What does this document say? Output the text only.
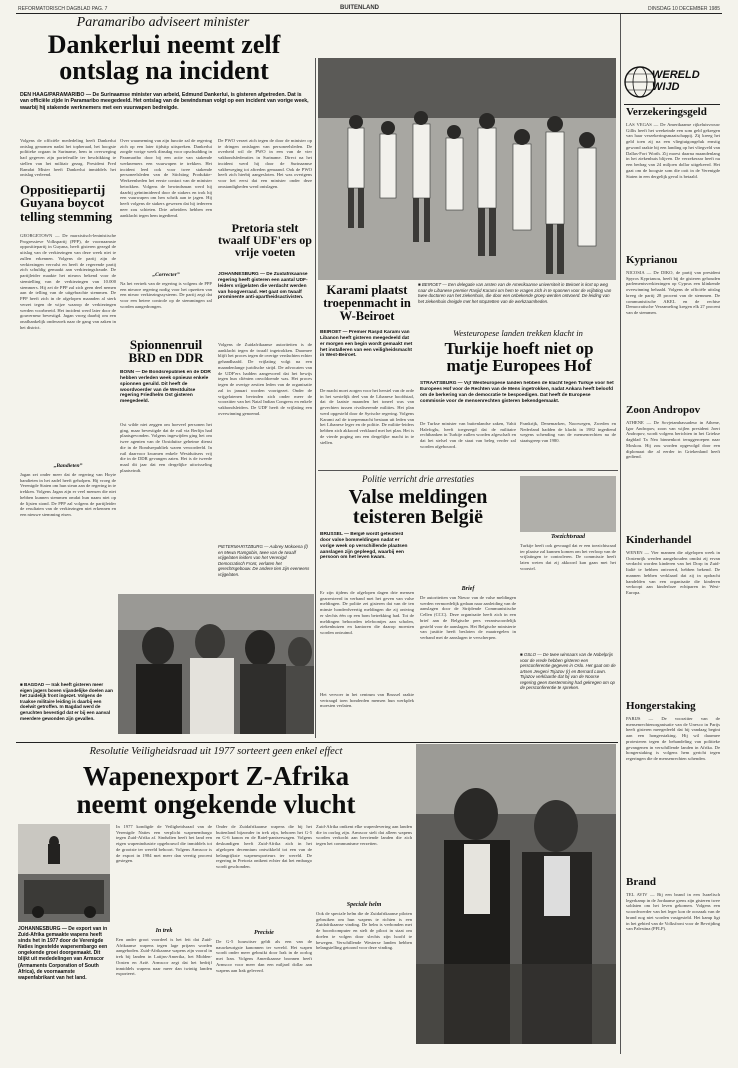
REFORMATORISCH DAGBLAD PAG. 7	BUITENLAND	DINSDAG 10 DECEMBER 1985
Paramaribo adviseert minister
Dankerlui neemt zelf
ontslag na incident
DEN HAAG/PARAMARIBO — De Surinaamse minister van arbeid, Edmund Dankerlui, is gisteren afgetreden. Dat is van officiële zijde in Paramaribo meegedeeld. Het ontslag van de bewindsman volgt op een incident van vorige week, waarbij hij stakende werknemers met een vuurwapen bedreigde.
Volgens de officiële mededeling heeft Dankerlui ontslag genomen nadat het topberaad, het hoogste politieke orgaan in Suriname, hem in overweging had gegeven zijn portefeuille ter beschikking te stellen van het militair gezag. President Fred Ramdat Misier heeft Dankerlui inmiddels het ontslag verleend.
Over waarneming van zijn functie zal de regering zich op een later tijdstip uitspreken. Dankerlui zorgde vorige week dinsdag voor opschudding in Paramaribo door bij een actie van stakende werknemers een vuurwapen te trekken. Het incident leed ook voor twee stakende personeelsleden van de Stichting Produktie-Werkeenheden het eerste contact van de minister betrokken. Volgens de bewindsman werd hij daarbij geïntimideerd door de stakers en trok hij een vuurwapen om hen schrik aan te jagen. Hij heeft volgens de stakers gewezen dat hij iedereen neer zou schieten. Drie arbeiders hebben een aanklacht tegen hem ingediend.
De PWO verzet zich tegen de door de minister op te dringen ontslagen van personeelsleden. De overheid wil de PWO in een van de vier vakbondsfederaties in Suriname. Direct na het incident werd hij door de Surinaamse vakbeweging tot aftreden gemaand. Ook de PWO heeft zich hierbij aangesloten. Het was overigens voor het eerst dat een minister onder deze omstandigheden werd ontslagen.
Oppositiepartij Guyana boycot telling stemming
GEORGETOWN — De marxistisch-leninistische Progressieve Volkspartij (PPP), de voornaamste oppositiepartij in Guyana, heeft gisteren gezegd de uitslag van de verkiezingen van deze week niet te zullen erkennen. Volgens de partij zijn de verkiezingen vervalst en heeft de regerende partij zich schuldig gemaakt aan verkiezingsfraude. De partijleider maakte het nieuws bekend voor de stemtelling van de verkiezingen van 10.000 stemmers. Hij zei de PPP zal zich geen deel nemen aan de telling van de uitgebrachte stemmen. De PPP heeft zich in de afgelopen maanden al sterk verzet tegen de wijze waarop de verkiezingen werden voorbereid. Het incident werd later door de gouverneur bevestigd. Jagan vroeg daarbij om een onafhankelijk onderzoek naar de gang van zaken in het district.
„Correcter”
Na het vertrek van de regering is volgens de PPP een nieuwe regering nodig voor het opzetten van een nieuw verkiezingssysteem. De partij zegt dat voor een betere controle op de stemmingen zal worden aangedrongen.
„Bandieten”
Jagan zei onder meer dat de regering van Hoyte bandieten in het zadel heeft geholpen. Hij vroeg de Verenigde Staten om hun steun aan de regering in te trekken. Volgens Jagan zijn er veel mensen die niet hebben kunnen stemmen omdat hun naam niet op de lijsten stond. De PPP zal volgens de partijleider de resultaten van de verkiezingen niet erkennen en een nieuwe stemming eisen.
■ BAGDAD — Irak heeft gisteren meer eigen jagers boven vijandelijke doelen aan het zuidelijk front ingezet. Volgens de Iraakse militaire leiding is daarbij een doelwit getroffen. In Bagdad werd de geruchten bevestigd dat er bij een aanval meerdere gewonden zijn gevallen.
Pretoria stelt twaalf UDF'ers op vrije voeten
JOHANNESBURG — De Zuidafrikaanse regering heeft gisteren een aantal UDF-leiders vrijgelaten die verdacht werden van hoogverraad. Het gaat om twaalf prominente anti-apartheidsactivisten.
Volgens de Zuidafrikaanse autoriteiten is de aanklacht tegen de twaalf ingetrokken. Daarmee blijft het proces tegen de overige verdachten echter gehandhaafd. De vrijlating volgt na een maandenlange juridische strijd. De advocaten van de UDF'ers hadden aangevoerd dat het bewijs tegen hun cliënten onvoldoende was. Het proces tegen de overige zestien leden van de organisatie zal in januari worden voortgezet. Onder de vrijgelatenen bevinden zich onder meer de voorzitter van het Natal Indian Congress en enkele vakbondsleiders. De UDF heeft de vrijlating een overwinning genoemd.
Spionnenruil BRD en DDR
BONN — De Bondsrepubliek en de DDR hebben verleden week opnieuw enkele spionnen geruild. Dit heeft de woordvoerder van de Westduitse regering Friedhelm Ost gisteren meegedeeld.
Ost wilde niet zeggen om hoeveel personen het ging, maar bevestigde dat de ruil via Berlijn had plaatsgevonden. Volgens ingewijden ging het om twee agenten van de Oostduitse geheime dienst die in de Bondsrepubliek waren veroordeeld. In ruil daarvoor kwamen enkele Westduitsers vrij die in de DDR gevangen zaten. Het is de tweede maal dit jaar dat een dergelijke uitwisseling plaatsvindt.
PIETERMARITZBURG — Aubrey Mokoena (l) en Mewa Ramgobin, twee van de twaalf vrijgelaten leiders van het Verenigd Democratisch Front, verlaten het gerechtsgebouw. De andere tien zijn eveneens vrijgelaten.
■ BEIROET — Een delegatie van arsten van de Amerikaanse universiteit in Beiroet is kort op weg naar de Libanese premier Rasjid Karami om hem te vragen zich in te spannen voor de vrijlating van twee doctoren van het ziekenhuis, die door een onbekende groep werden ontvoerd. De leiding van het ziekenhuis dreigde met het stopzetten van de werkzaamheden.
Karami plaatst troepenmacht in W-Beiroet
BEIROET — Premier Rasjid Karami van Libanon heeft gisteren meegedeeld dat er morgen een begin wordt gemaakt met het installeren van een veiligheidsmacht in West-Beiroet.
De macht moet zorgen voor het herstel van de orde in het westelijk deel van de Libanese hoofdstad, dat de laatste maanden het toneel was van gevechten tussen rivaliserende milities. Het plan werd opgesteld door de Syrische regering. Volgens Karami zal de troepenmacht bestaan uit leden van het Libanese leger en de politie. De militie-leiders hebben zich akkoord verklaard met het plan. Het is de vierde poging om een dergelijke macht in te stellen.
Westeuropese landen trekken klacht in
Turkije hoeft niet op matje Europees Hof
STRAATSBURG — Vijf Westeuropese landen hebben de klacht tegen Turkije voor het Europees Hof voor de Rechten van de Mens ingetrokken, nadat Ankara heeft beloofd om de berkering van de democratie te bespoedigen. Dat heeft de Europese commissie voor de mensenrechten gisteren bekendgemaakt.
De Turkse minister van buitenlandse zaken, Vahit Halefoglu, heeft toegezegd dat de militaire rechtbanken in Turkije zullen worden afgeschaft en dat het stelsel van de staat van beleg verder zal worden afgebouwd.
Frankrijk, Denemarken, Noorwegen, Zweden en Nederland hadden de klacht in 1982 ingediend wegens schending van de mensenrechten na de staatsgreep van 1980.
Politie verricht drie arrestaties
Valse meldingen
teisteren België
BRUSSEL — België wordt geteisterd door valse bommeldingen nadat er vorige week op verschillende plaatsen aanslagen zijn gepleegd, waarbij een persoon om het leven kwam.
Er zijn tijdens de afgelopen dagen drie mensen gearresteerd in verband met het geven van valse meldingen. De politie zei gisteren dat van de ten minste honderdveertig meldingen die zij ontving er slechts één op een bom betrekking had. Tot de meldingen behoorden telefoontjes aan scholen, ziekenhuizen en kantoren die daarop moesten worden ontruimd.
Het vervoer in het centrum van Brussel raakte vertraagd toen honderden mensen hun werkplek moesten verlaten.
Brief
De autoriteiten van Nieuw van de valse meldingen werden vermoedelijk gedaan naar aanleiding van de aanslagen door de Strijdende Communistische Cellen (CCC). Deze organisatie heeft zich in een brief aan de Belgische pers verantwoordelijk gesteld voor de aanslagen. Het Belgische ministerie van justitie heeft besloten de maatregelen in verband met de aanslagen te verscherpen.
Toezichtsraad
Turkije heeft ook gevraagd dat er een toezichtsraad ter plaatse zal kunnen komen om het verloop van de vrijlatingen te controleren. De commissie heeft laten weten dat zij akkoord kan gaan met het voorstel.
■ OSLO — De twee winnaars van de Nobelprijs voor de vrede hebben gisteren een persconferentie gegeven in Oslo. Het gaat om de artsen Jevgeni Tsjazov (r) en Bernard Lown. Tsjazov verklaarde dat hij van de Noorse regering geen toestemming had gekregen om op de persconferentie te spreken.
Resolutie Veiligheidsraad uit 1977 sorteert geen enkel effect
Wapenexport Z-Afrika
neemt ongekende vlucht
JOHANNESBURG — De export van in Zuid-Afrika gemaakte wapens heeft sinds het in 1977 door de Verenigde Naties ingestelde wapenembargo een ongekende groei doorgemaakt. Dit blijkt uit mededelingen van Armscor (Armaments Corporation of South Africa), de voornaamste wapenfabrikant van het land.
In 1977 kondigde de Veiligheidsraad van de Verenigde Naties een verplicht wapenembargo tegen Zuid-Afrika af. Sindsdien heeft het land een eigen wapenindustrie opgebouwd die inmiddels tot de grootste ter wereld behoort. Volgens Armscor is de export in 1984 met meer dan veertig procent gestegen.
In trek
Een ander groot voordeel is het feit dat Zuid-Afrikaanse wapens tegen lage prijzen worden aangeboden. Zuid-Afrikaanse wapens zijn vooral in trek bij landen in Latijns-Amerika, het Midden-Oosten en Azië. Armscor zegt dat het bedrijf inmiddels wapens naar meer dan twintig landen exporteert.
Onder de Zuidafrikaanse wapens die bij het buitenland bijzonder in trek zijn, behoren het G-5 en G-6 kanon en de Ratel-pantserwagen. Volgens deskundigen heeft Zuid-Afrika zich in het afgelopen decennium ontwikkeld tot een van de belangrijkste wapenexporteurs ter wereld. De regering in Pretoria ontkent echter dat het embargo wordt geschonden.
Precisie
De G-5 houwitser geldt als een van de nauwkeurigste kanonnen ter wereld. Het wapen wordt onder meer gebruikt door Irak in de oorlog met Iran. Volgens Amerikaanse bronnen heeft Armscor voor meer dan een miljard dollar aan wapens aan Irak geleverd.
Zuid-Afrika ontkent elke wapenlevering aan landen die in oorlog zijn. Armscor stelt dat alleen wapens worden verkocht aan bevriende landen die zich tegen het communisme verzetten.
Speciale helm
Ook de speciale helm die de Zuidafrikaanse piloten gebruiken om hun wapens te richten is een Zuidafrikaanse vinding. De helm is verbonden met de boordcomputer en stelt de piloot in staat om doelen te volgen door slechts zijn hoofd te bewegen. Verschillende Westerse landen hebben belangstelling getoond voor deze vinding.
WERELD WIJD
Verzekeringsgeld
LAS VEGAS — De Amerikaanse rijkeluisvrouw Gillis heeft het weekeinde een som geld gekregen van haar verzekeringsmaatschappij. Zij kreeg het geld toen zij na een vliegtuigongeluk ernstig gewond raakte bij een landing op het vliegveld van Dallas-Fort Worth. Zij moest daarna maandenlang in het ziekenhuis blijven. De verzekeraar heeft nu een bedrag van 24 miljoen dollar uitgekeerd. Het gaat om de hoogste som die ooit in de Verenigde Staten in een dergelijk geval is betaald.
Kyprianou
NICOSIA — De DIKO, de partij van president Spyros Kyprianou, heeft bij de gisteren gehouden parlementsverkiezingen op Cyprus een klinkende overwinning behaald. Volgens de officiële uitslag kreeg de partij 28 procent van de stemmen. De communistische AKEL en de rechtse Democratische Verzameling kregen elk 27 procent van de stemmen.
Zoon Andropov
ATHENE — De Sovjetambassadeur in Athene, Igor Andropov, zoon van wijlen president Joeri Andropov, wordt volgens berichten in het Griekse dagblad Ta Nea binnenkort teruggeroepen naar Moskou. Hij zou worden opgevolgd door een diplomaat die al eerder in Griekenland heeft gediend.
Kinderhandel
WENEN — Vier mannen die afgelopen week in Oostenrijk werden aangehouden omdat zij ervan verdacht worden kinderen van het Dorp in Zuid-Italië te hebben ontvoerd, hebben bekend. De mannen hebben verklaard dat zij in opdracht handelden van een organisatie die kinderen verkoopt aan kinderloze echtparen in West-Europa.
Hongerstaking
PARIJS — De voorzitter van de mensenrechtenorganisatie van de Unesco in Parijs heeft gisteren meegedeeld dat hij vandaag begint aan een hongerstaking. Hij wil daarmee protesteren tegen de behandeling van politieke gevangenen in verschillende landen in Afrika. De hongerstaking is volgens hem gericht tegen regeringen die de mensenrechten schenden.
Brand
TEL AVIV — Bij een brand in een Israelisch legerkamp in de Jordaanse grens zijn gisteren twee soldaten om het leven gekomen. Volgens een woordvoerder van het leger kon de oorzaak van de brand nog niet worden vastgesteld. Het kamp ligt in het gebied van de Volksfront voor de Bevrijding van Palestina (PFLP).
